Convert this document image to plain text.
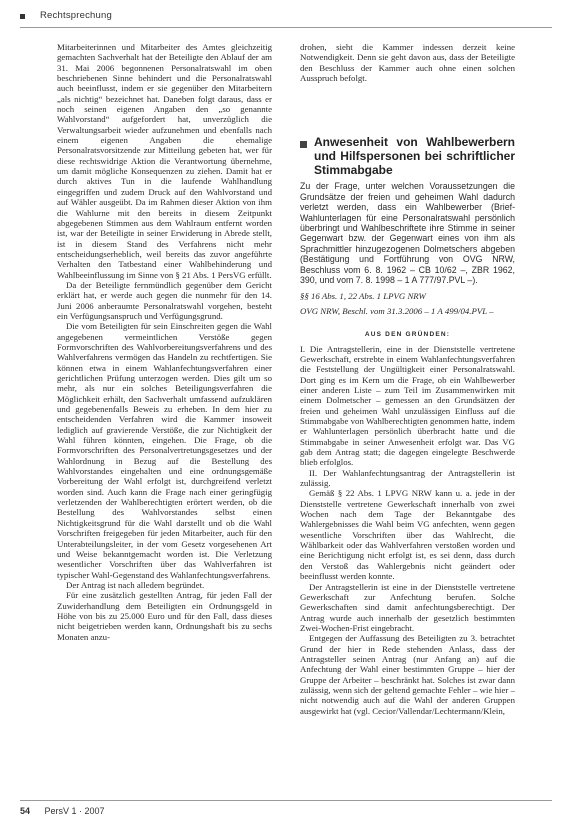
Rechtsprechung

Mitarbeiterinnen und Mitarbeiter des Amtes gleichzeitig gemachten Sachverhalt hat der Beteiligte den Ablauf der am 31. Mai 2006 begonnenen Personalratswahl im oben beschriebenen Sinne behindert und die Personalratswahl auch beeinflusst, indem er sie gegenüber den Mitarbeitern „als nichtig“ bezeichnet hat. Daneben folgt daraus, dass er noch seinen eigenen Angaben den „so genannte Wahlvorstand“ aufgefordert hat, unverzüglich die Verwaltungsarbeit wieder aufzunehmen und ebenfalls nach einem eigenen Angaben die ehemalige Personalratsvorsitzende zur Mitteilung gebeten hat, wer für diese rechtswidrige Aktion die Verantwortung übernehme, um damit mögliche Konsequenzen zu ziehen. Damit hat er durch aktives Tun in die laufende Wahlhandlung eingegriffen und zudem Druck auf den Wahlvorstand und auf Wähler ausgeübt. Da im Rahmen dieser Aktion von ihm die Wahlurne mit den bereits in diesem Zeitpunkt abgegebenen Stimmen aus dem Wahlraum entfernt worden ist, war der Beteiligte in seiner Erwiderung in Abrede stellt, ist in diesem Stand des Verfahrens nicht mehr entscheidungserheblich, weil bereits das zuvor angeführte Verhalten den Tatbestand einer Wahlbehinderung und Wahlbeeinflussung im Sinne von § 21 Abs. 1 PersVG erfüllt.

Da der Beteiligte fernmündlich gegenüber dem Gericht erklärt hat, er werde auch gegen die nunmehr für den 14. Juni 2006 anberaumte Personalratswahl vorgehen, besteht ein Verfügungsanspruch und Verfügungsgrund.

Die vom Beteiligten für sein Einschreiten gegen die Wahl angegebenen vermeintlichen Verstöße gegen Formvorschriften des Wahlvorbereitungsverfahrens und des Wahlverfahrens vermögen das Handeln zu rechtfertigen. Sie können etwa in einem Wahlanfechtungsverfahren einer gerichtlichen Prüfung unterzogen werden. Dies gilt um so mehr, als nur ein solches Beteiligungsverfahren die Möglichkeit erhält, den Sachverhalt umfassend aufzuklären und gegebenenfalls Beweis zu erheben. In dem hier zu entscheidenden Verfahren wird die Kammer insoweit lediglich auf gravierende Verstöße, die zur Nichtigkeit der Wahl führen könnten, eingehen. Die Frage, ob die Formvorschriften des Personalvertretungsgesetzes und der Wahlordnung in Bezug auf die Bestellung des Wahlvorstandes eingehalten und eine ordnungsgemäße Vorbereitung der Wahl erfolgt ist, durchgreifend verletzt worden sind. Auch kann die Frage nach einer geringfügig verletzenden der Wahlberechtigten erörtert werden, ob die Bestellung des Wahlvorstandes selbst einen Nichtigkeitsgrund für die Wahl darstellt und ob die Wahl Vorschriften freigegeben für jeden Mitarbeiter, auch für den Unterabteilungsleiter, in der vom Gesetz vorgesehenen Art und Weise bekanntgemacht worden ist. Die Verletzung wesentlicher Vorschriften über das Wahlverfahren ist typischer Wahl-Gegenstand des Wahlanfechtungsverfahrens.

Der Antrag ist nach alledem begründet.

Für eine zusätzlich gestellten Antrag, für jeden Fall der Zuwiderhandlung dem Beteiligten ein Ordnungsgeld in Höhe von bis zu 25.000 Euro und für den Fall, dass dieses nicht beigetrieben werden kann, Ordnungshaft bis zu sechs Monaten anzu-

drohen, sieht die Kammer indessen derzeit keine Notwendigkeit. Denn sie geht davon aus, dass der Beteiligte den Beschluss der Kammer auch ohne einen solchen Ausspruch befolgt.

Anwesenheit von Wahlbewerbern und Hilfspersonen bei schriftlicher Stimmabgabe
Zu der Frage, unter welchen Voraussetzungen die Grundsätze der freien und geheimen Wahl dadurch verletzt werden, dass ein Wahlbewerber (Brief-Wahlunterlagen für eine Personalratswahl persönlich überbringt und Wahlbeschriftete ihre Stimme in seiner Gegenwart bzw. der Gegenwart eines von ihm als Sprachmittler hinzugezogenen Dolmetschers abgeben (Bestätigung und Fortführung von OVG NRW, Beschluss vom 6. 8. 1962 – CB 10/62 –, ZBR 1962, 390, und vom 7. 8. 1998 – 1 A 777/97.PVL –).
§§ 16 Abs. 1, 22 Abs. 1 LPVG NRW
OVG NRW, Beschl. vom 31.3.2006 – 1 A 499/04.PVL –
AUS DEN GRÜNDEN:

I. Die Antragstellerin, eine in der Dienststelle vertretene Gewerkschaft, erstrebte in einem Wahlanfechtungsverfahren die Feststellung der Ungültigkeit einer Personalratswahl. Dort ging es im Kern um die Frage, ob ein Wahlbewerber einer anderen Liste – zum Teil im Zusammenwirken mit einem Dolmetscher – gemessen an den Grundsätzen der freien und geheimen Wahl unzulässigen Einfluss auf die Stimmabgabe von Wahlberechtigten genommen hatte, indem er Wahlunterlagen persönlich überbracht hatte und die Stimmabgabe in seiner Anwesenheit erfolgt war. Das VG gab dem Antrag statt; die dagegen eingelegte Beschwerde blieb erfolglos.

II. Der Wahlanfechtungsantrag der Antragstellerin ist zulässig.

Gemäß § 22 Abs. 1 LPVG NRW kann u. a. jede in der Dienststelle vertretene Gewerkschaft innerhalb von zwei Wochen nach dem Tage der Bekanntgabe des Wahlergebnisses die Wahl beim VG anfechten, wenn gegen wesentliche Vorschriften über das Wahlrecht, die Wählbarkeit oder das Wahlverfahren verstoßen worden und eine Berichtigung nicht erfolgt ist, es sei denn, dass durch den Verstoß das Wahlergebnis nicht geändert oder beeinflusst werden konnte.

Der Antragstellerin ist eine in der Dienststelle vertretene Gewerkschaft zur Anfechtung berufen. Solche Gewerkschaften sind damit anfechtungsberechtigt. Der Antrag wurde auch innerhalb der gesetzlich bestimmten Zwei-Wochen-Frist eingebracht.

Entgegen der Auffassung des Beteiligten zu 3. betrachtet Grund der hier in Rede stehenden Anlass, dass der Antragsteller seinen Antrag (nur Anfang an) auf die Anfechtung der Wahl einer bestimmten Gruppe – hier der Gruppe der Arbeiter – beschränkt hat. Solches ist zwar dann zulässig, wenn sich der geltend gemachte Fehler – wie hier – nicht notwendig auch auf die Wahl der anderen Gruppen ausgewirkt hat (vgl. Cecior/Vallendar/Lechtermann/Klein,

54 PersV 1 · 2007
